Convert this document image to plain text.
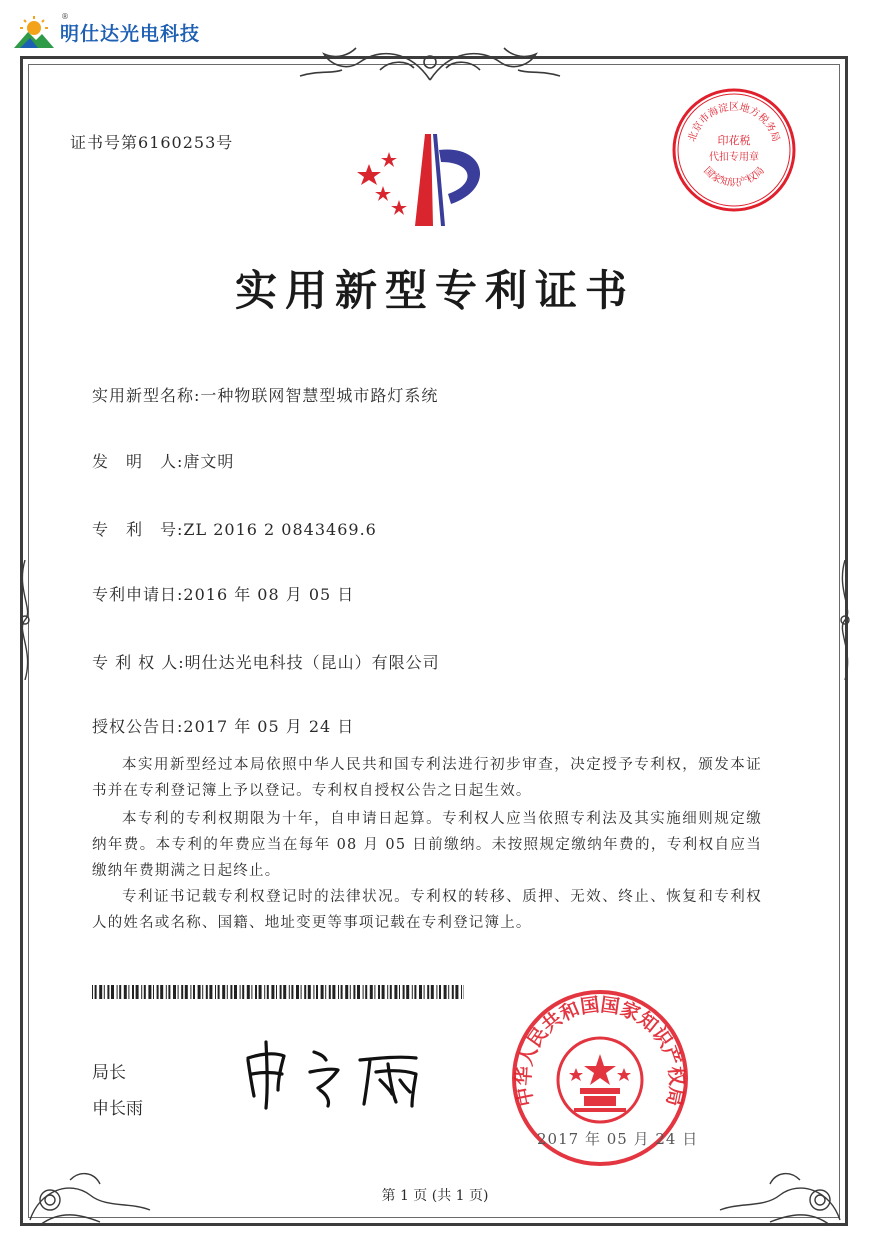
®
明仕达光电科技
证书号第6160253号
实用新型专利证书
实用新型名称:一种物联网智慧型城市路灯系统
发　明　人:唐文明
专　利　号:ZL 2016 2 0843469.6
专利申请日:2016 年 08 月 05 日
专 利 权 人:明仕达光电科技（昆山）有限公司
授权公告日:2017 年 05 月 24 日
本实用新型经过本局依照中华人民共和国专利法进行初步审查，决定授予专利权，颁发本证书并在专利登记簿上予以登记。专利权自授权公告之日起生效。
本专利的专利权期限为十年，自申请日起算。专利权人应当依照专利法及其实施细则规定缴纳年费。本专利的年费应当在每年 08 月 05 日前缴纳。未按照规定缴纳年费的，专利权自应当缴纳年费期满之日起终止。
专利证书记载专利权登记时的法律状况。专利权的转移、质押、无效、终止、恢复和专利权人的姓名或名称、国籍、地址变更等事项记载在专利登记簿上。
局长
申长雨
北京市海淀区地方税务局
印花税
代扣专用章
国家知识产权局
中华人民共和国国家知识产权局
2017 年 05 月 24 日
第 1 页 (共 1 页)
